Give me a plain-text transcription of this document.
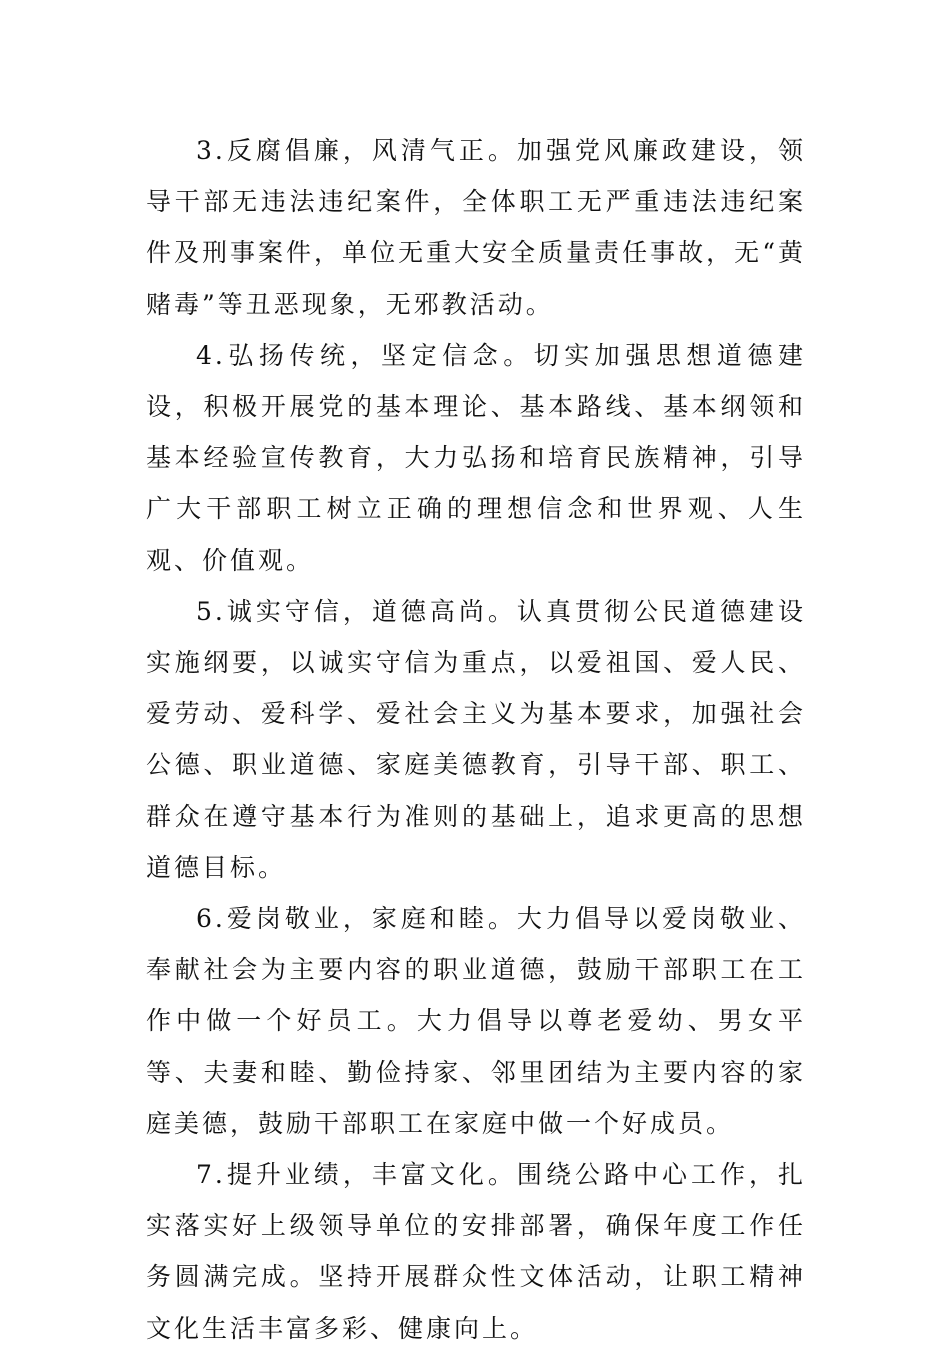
3.反腐倡廉，风清气正。加强党风廉政建设，领导干部无违法违纪案件，全体职工无严重违法违纪案件及刑事案件，单位无重大安全质量责任事故，无“黄赌毒”等丑恶现象，无邪教活动。

4.弘扬传统，坚定信念。切实加强思想道德建设，积极开展党的基本理论、基本路线、基本纲领和基本经验宣传教育，大力弘扬和培育民族精神，引导广大干部职工树立正确的理想信念和世界观、人生观、价值观。

5.诚实守信，道德高尚。认真贯彻公民道德建设实施纲要，以诚实守信为重点，以爱祖国、爱人民、爱劳动、爱科学、爱社会主义为基本要求，加强社会公德、职业道德、家庭美德教育，引导干部、职工、群众在遵守基本行为准则的基础上，追求更高的思想道德目标。

6.爱岗敬业，家庭和睦。大力倡导以爱岗敬业、奉献社会为主要内容的职业道德，鼓励干部职工在工作中做一个好员工。大力倡导以尊老爱幼、男女平等、夫妻和睦、勤俭持家、邻里团结为主要内容的家庭美德，鼓励干部职工在家庭中做一个好成员。

7.提升业绩，丰富文化。围绕公路中心工作，扎实落实好上级领导单位的安排部署，确保年度工作任务圆满完成。坚持开展群众性文体活动，让职工精神文化生活丰富多彩、健康向上。
